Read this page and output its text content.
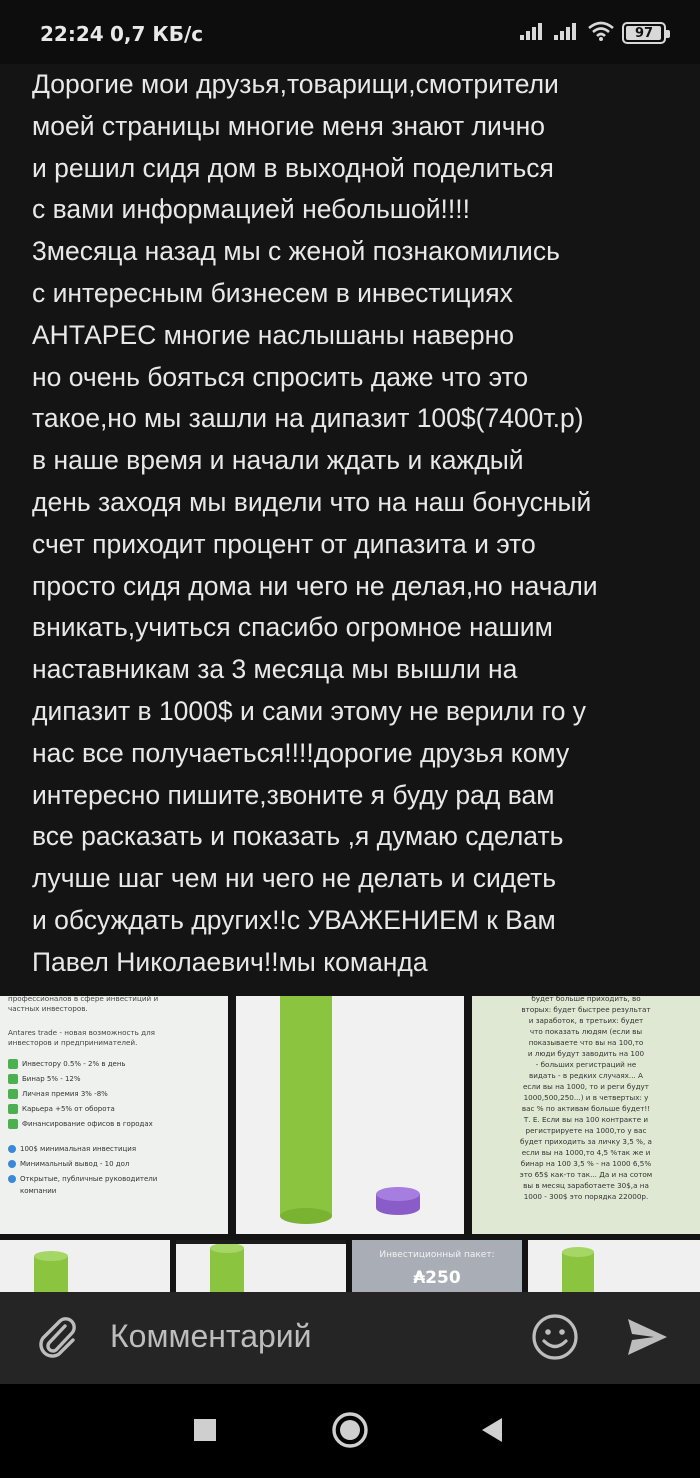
22:24 0,7 КБ/с	97
Дорогие мои друзья,товарищи,смотрители
моей страницы многие меня знают лично
и решил сидя дом в выходной поделиться
с вами информацией небольшой!!!!
3месяца назад мы с женой познакомились
с интересным бизнесем в инвестициях
АНТАРЕС многие наслышаны наверно
но очень бояться спросить даже что это
такое,но мы зашли на дипазит 100$(7400т.р)
в наше время и начали ждать и каждый
день заходя мы видели что на наш бонусный
счет приходит процент от дипазита и это
просто сидя дома ни чего не делая,но начали
вникать,учиться спасибо огромное нашим
наставникам за 3 месяца мы вышли на
дипазит в 1000$ и сами этому не верили го у
нас все получаеться!!!!дорогие друзья кому
интересно пишите,звоните я буду рад вам
все расказать и показать ,я думаю сделать
лучше шаг чем ни чего не делать и сидеть
и обсуждать других!!с УВАЖЕНИЕМ к Вам
Павел Николаевич!!мы команда
профессионалов в сфере инвестиций и
частных инвесторов.
Antares trade - новая возможность для
инвесторов и предпринимателей.
Инвестору 0.5% - 2% в день
Бинар 5% - 12%
Личная премия 3% -8%
Карьера +5% от оборота
Финансирование офисов в городах
100$ минимальная инвестиция
Минимальный вывод - 10 дол
Открытые, публичные руководители
компании
будет больше приходить, во
вторых: будет быстрее результат
и заработок, в третьих: будет
что показать людям (если вы
показываете что вы на 100,то
и люди будут заводить на 100
- больших регистраций не
видать - в редких случаях... А
если вы на 1000, то и реги будут
1000,500,250...) и в четвертых: у
вас % по активам больше будет!!
Т. Е. Если вы на 100 контракте и
регистрируете на 1000,то у вас
будет приходить за личку 3,5 %, а
если вы на 1000,то 4,5 %так же и
бинар на 100 3,5 % - на 1000 6,5%
это 65$ как-то так... Да и на сотом
вы в месяц заработаете 30$,а на
1000 - 300$ это порядка 22000р.
Инвестиционный пакет:
₳250
Комментарий
